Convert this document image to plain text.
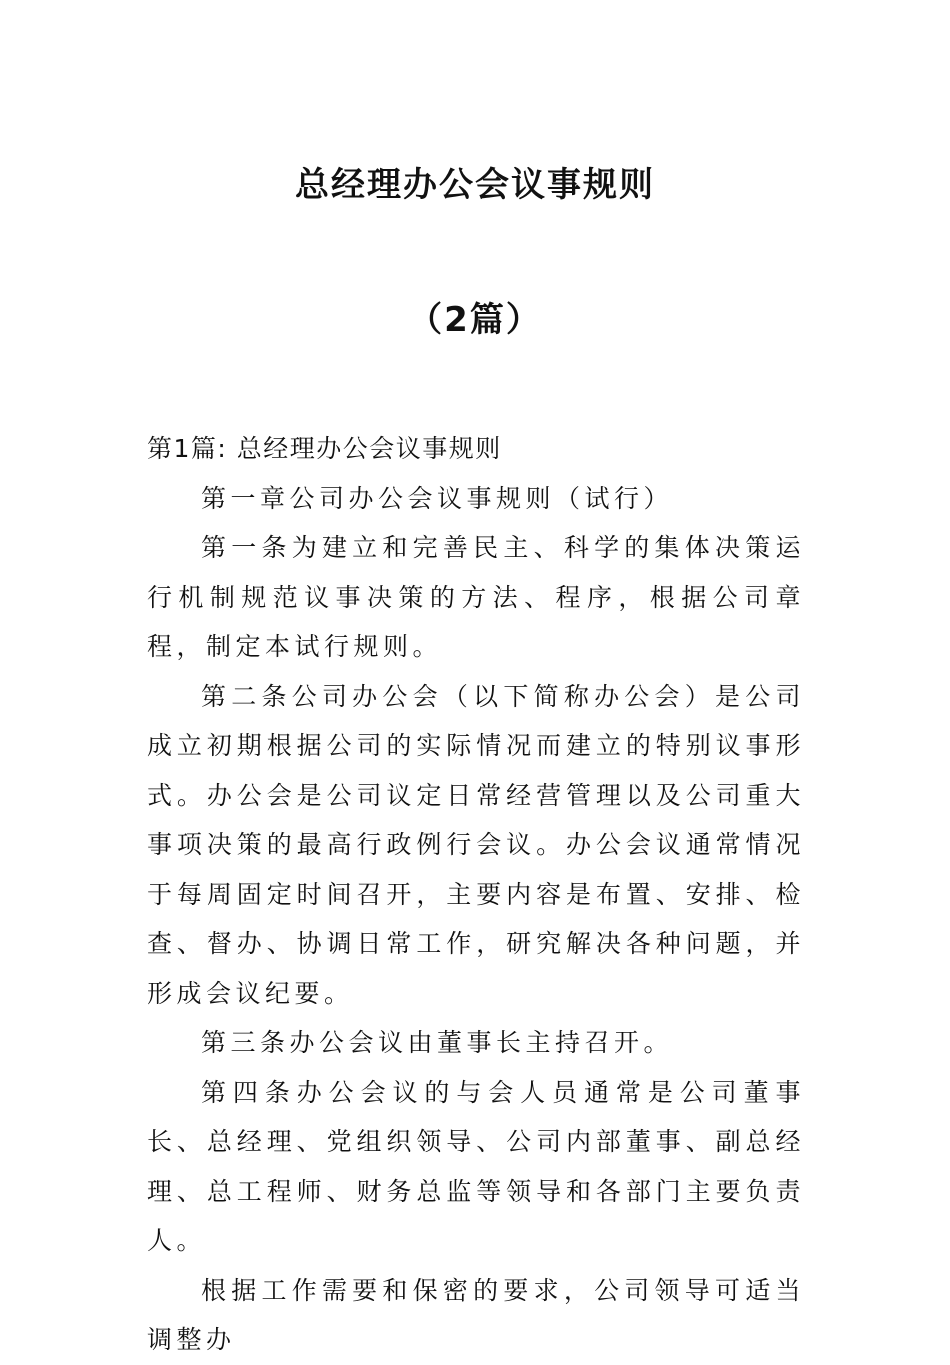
总经理办公会议事规则
（2篇）

第1篇: 总经理办公会议事规则

第一章公司办公会议事规则（试行）

第一条为建立和完善民主、科学的集体决策运行机制规范议事决策的方法、程序，根据公司章程，制定本试行规则。

第二条公司办公会（以下简称办公会）是公司成立初期根据公司的实际情况而建立的特别议事形式。办公会是公司议定日常经营管理以及公司重大事项决策的最高行政例行会议。办公会议通常情况于每周固定时间召开，主要内容是布置、安排、检查、督办、协调日常工作，研究解决各种问题，并形成会议纪要。

第三条办公会议由董事长主持召开。

第四条办公会议的与会人员通常是公司董事长、总经理、党组织领导、公司内部董事、副总经理、总工程师、财务总监等领导和各部门主要负责人。

根据工作需要和保密的要求，公司领导可适当调整办
